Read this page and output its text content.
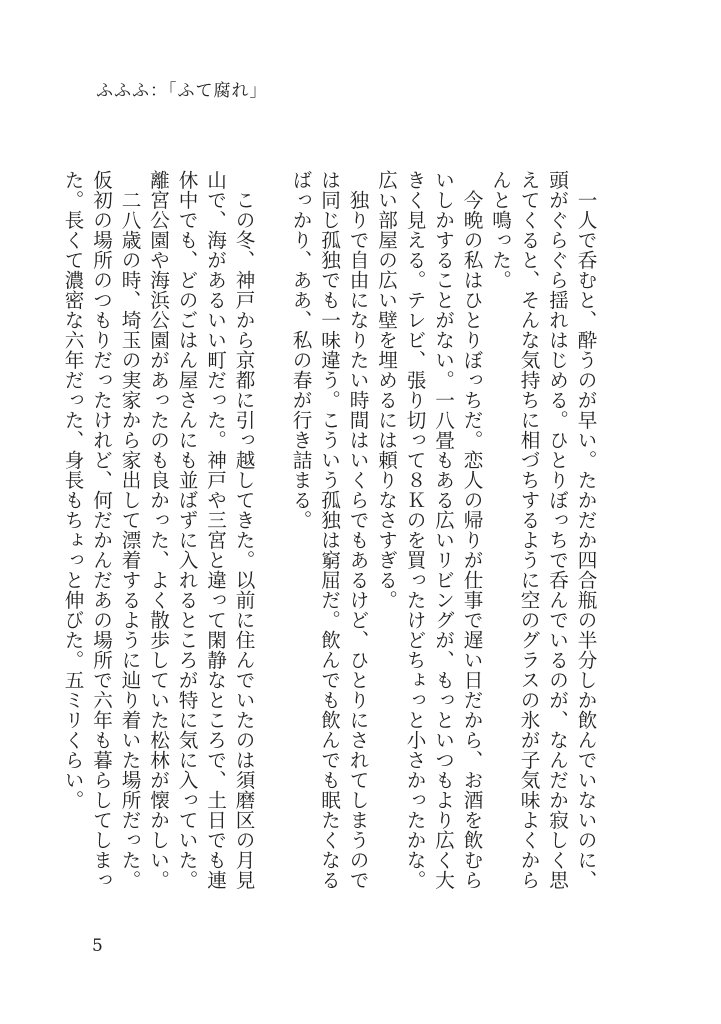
ふふふ：「ふて腐れ」

一人で呑むと、酔うのが早い。たかだか四合瓶の半分しか飲んでいないのに、頭がぐらぐら揺れはじめる。ひとりぼっちで呑んでいるのが、なんだか寂しく思えてくると、そんな気持ちに相づちするように空のグラスの氷が子気味よくからんと鳴った。

今晩の私はひとりぼっちだ。恋人の帰りが仕事で遅い日だから、お酒を飲むらいしかすることがない。一八畳もある広いリビングが、もっといつもより広く大きく見える。テレビ、張り切って８Ｋのを買ったけどちょっと小さかったかな。広い部屋の広い壁を埋めるには頼りなさすぎる。

独りで自由になりたい時間はいくらでもあるけど、ひとりにされてしまうのでは同じ孤独でも一味違う。こういう孤独は窮屈だ。飲んでも飲んでも眠たくなるばっかり、ああ、私の春が行き詰まる。

この冬、神戸から京都に引っ越してきた。以前に住んでいたのは須磨区の月見山で、海があるいい町だった。神戸や三宮と違って閑静なところで、土日でも連休中でも、どのごはん屋さんにも並ばずに入れるところが特に気に入っていた。離宮公園や海浜公園があったのも良かった、よく散歩していた松林が懐かしい。

二八歳の時、埼玉の実家から家出して漂着するように辿り着いた場所だった。仮初の場所のつもりだったけれど、何だかんだあの場所で六年も暮らしてしまった。長くて濃密な六年だった、身長もちょっと伸びた。五ミリくらい。

5
